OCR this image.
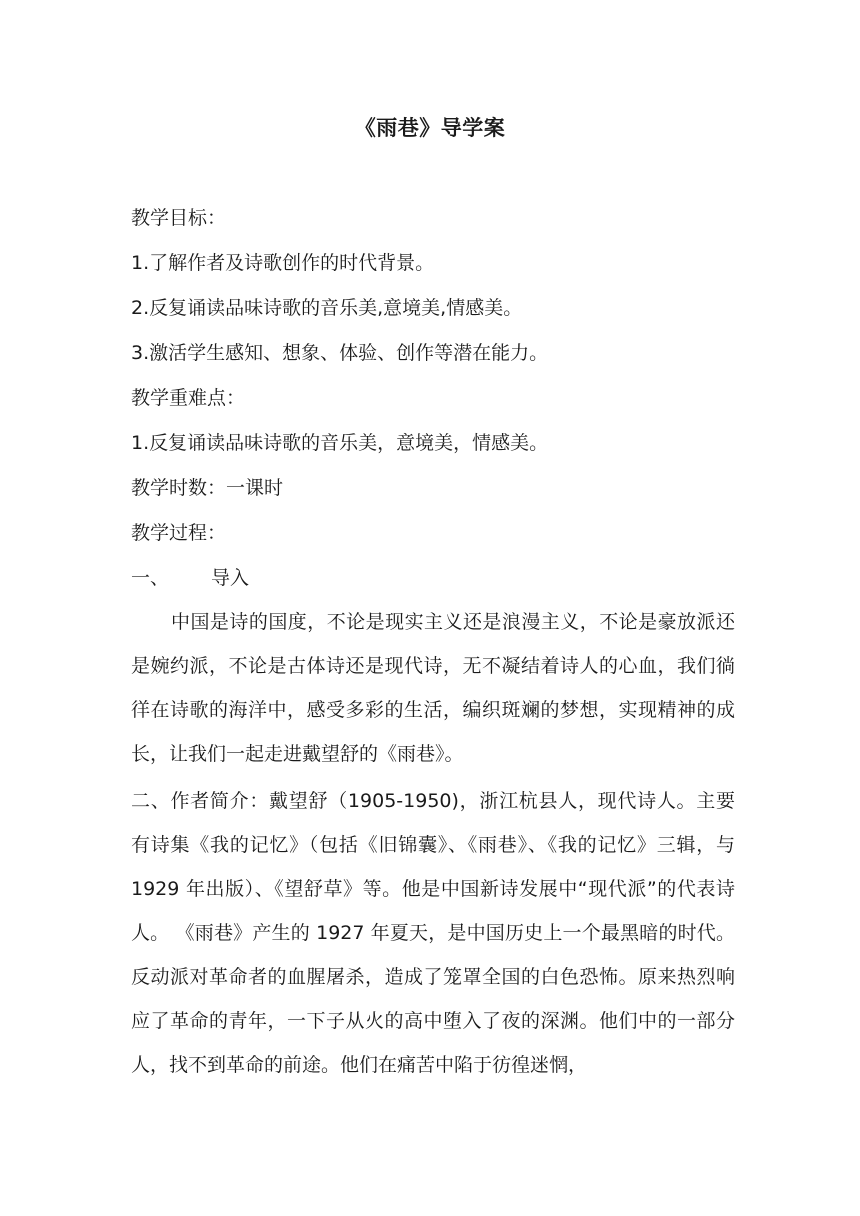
《雨巷》导学案
教学目标：
1.了解作者及诗歌创作的时代背景。
2.反复诵读品味诗歌的音乐美,意境美,情感美。
3.激活学生感知、想象、体验、创作等潜在能力。
教学重难点：
1.反复诵读品味诗歌的音乐美，意境美，情感美。
教学时数：一课时
教学过程：
一、 导入
中国是诗的国度，不论是现实主义还是浪漫主义，不论是豪放派还是婉约派，不论是古体诗还是现代诗，无不凝结着诗人的心血，我们徜徉在诗歌的海洋中，感受多彩的生活，编织斑斓的梦想，实现精神的成长，让我们一起走进戴望舒的《雨巷》。
二、作者简介：戴望舒（1905-1950)，浙江杭县人，现代诗人。主要有诗集《我的记忆》（包括《旧锦囊》、《雨巷》、《我的记忆》三辑，与 1929 年出版）、《望舒草》等。他是中国新诗发展中“现代派”的代表诗人。 《雨巷》产生的 1927 年夏天，是中国历史上一个最黑暗的时代。反动派对革命者的血腥屠杀，造成了笼罩全国的白色恐怖。原来热烈响应了革命的青年，一下子从火的高中堕入了夜的深渊。他们中的一部分人，找不到革命的前途。他们在痛苦中陷于彷徨迷惘，
